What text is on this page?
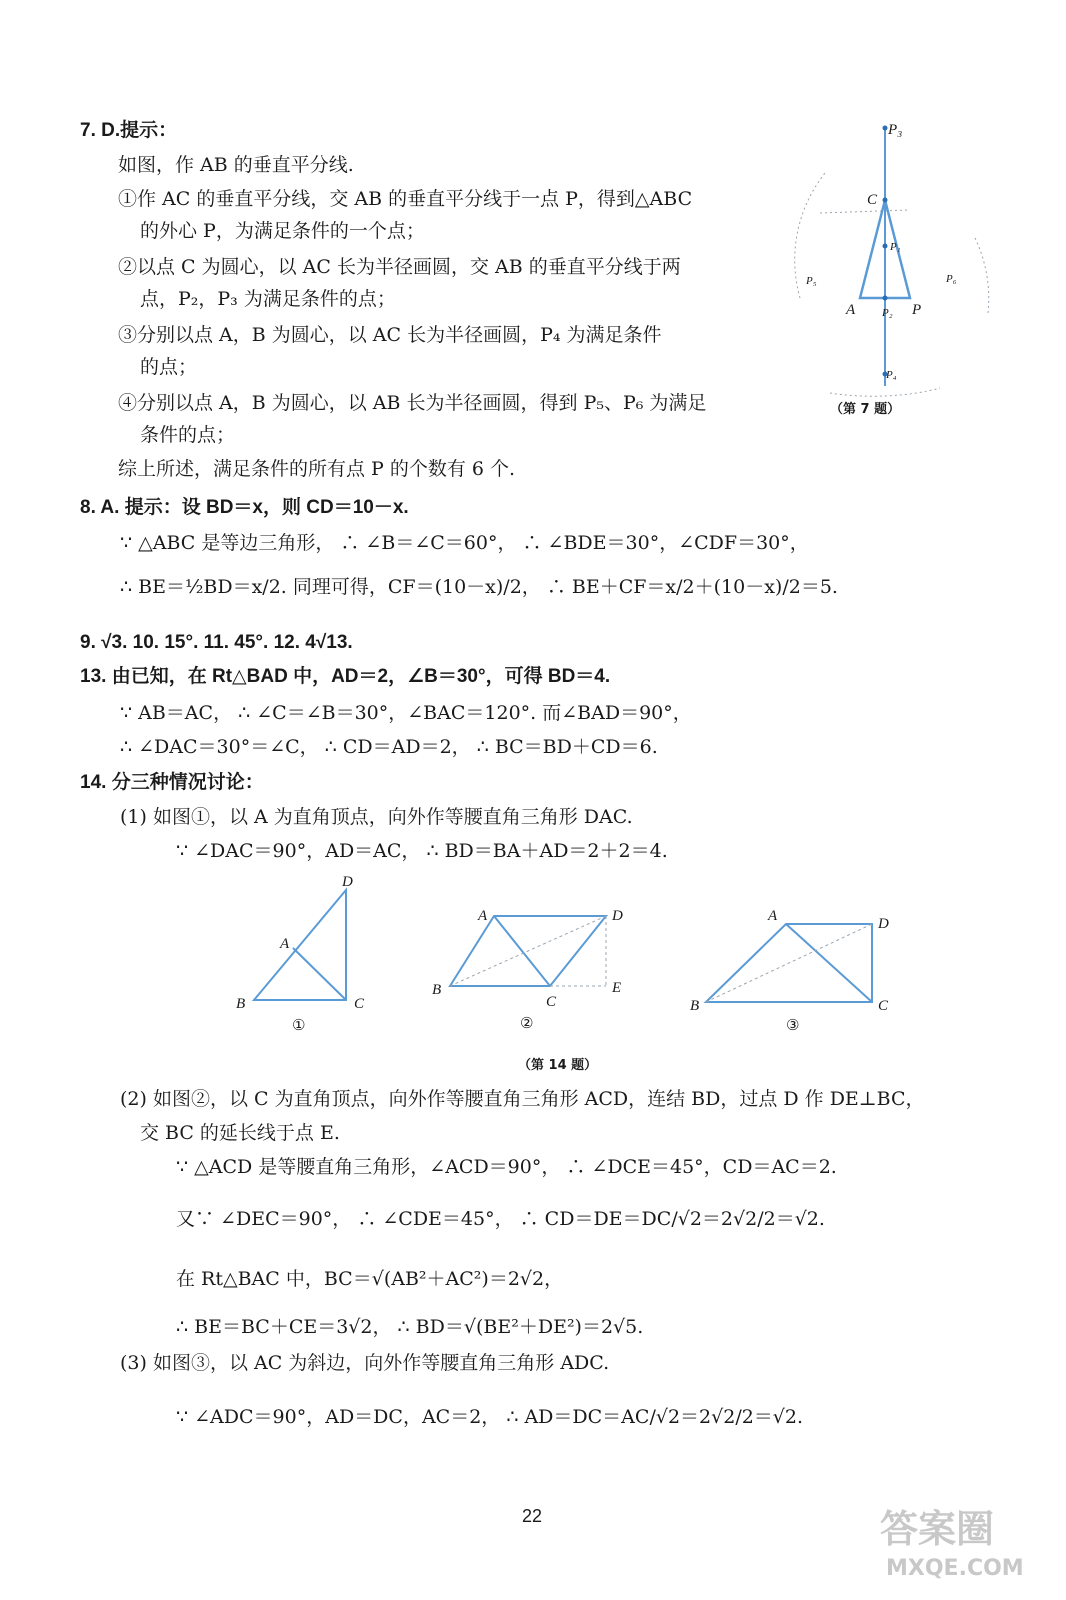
7. D.提示：
如图，作 AB 的垂直平分线.
①作 AC 的垂直平分线，交 AB 的垂直平分线于一点 P，得到△ABC
的外心 P，为满足条件的一个点；
②以点 C 为圆心，以 AC 长为半径画圆，交 AB 的垂直平分线于两
点，P₂，P₃ 为满足条件的点；
③分别以点 A，B 为圆心，以 AC 长为半径画圆，P₄ 为满足条件
的点；
④分别以点 A，B 为圆心，以 AB 长为半径画圆，得到 P₅、P₆ 为满足
条件的点；
综上所述，满足条件的所有点 P 的个数有 6 个.
P₃
C
P₁
P₅	P₆
A P₂ P
P₄
（第 7 题）
8. A. 提示：设 BD＝x，则 CD＝10－x.
∵ △ABC 是等边三角形， ∴ ∠B＝∠C＝60°， ∴ ∠BDE＝30°，∠CDF＝30°，
∴ BE＝½BD＝x/2. 同理可得，CF＝(10－x)/2， ∴ BE＋CF＝x/2＋(10－x)/2＝5.
9. √3. 10. 15°. 11. 45°. 12. 4√13.
13. 由已知，在 Rt△BAD 中，AD＝2，∠B＝30°，可得 BD＝4.
∵ AB＝AC， ∴ ∠C＝∠B＝30°，∠BAC＝120°. 而∠BAD＝90°，
∴ ∠DAC＝30°＝∠C， ∴ CD＝AD＝2， ∴ BC＝BD＋CD＝6.
14. 分三种情况讨论：
(1) 如图①，以 A 为直角顶点，向外作等腰直角三角形 DAC.
∵ ∠DAC＝90°，AD＝AC， ∴ BD＝BA＋AD＝2＋2＝4.
D
A
B	C
①
A	D
B
C
E
②
A	D
B	C
③
（第 14 题）
(2) 如图②，以 C 为直角顶点，向外作等腰直角三角形 ACD，连结 BD，过点 D 作 DE⊥BC，
交 BC 的延长线于点 E.
∵ △ACD 是等腰直角三角形，∠ACD＝90°， ∴ ∠DCE＝45°，CD＝AC＝2.
又∵ ∠DEC＝90°， ∴ ∠CDE＝45°， ∴ CD＝DE＝DC/√2＝2√2/2＝√2.
在 Rt△BAC 中，BC＝√(AB²＋AC²)＝2√2，
∴ BE＝BC＋CE＝3√2， ∴ BD＝√(BE²＋DE²)＝2√5.
(3) 如图③，以 AC 为斜边，向外作等腰直角三角形 ADC.
∵ ∠ADC＝90°，AD＝DC，AC＝2， ∴ AD＝DC＝AC/√2＝2√2/2＝√2.
22	答案圈
MXQE.COM
